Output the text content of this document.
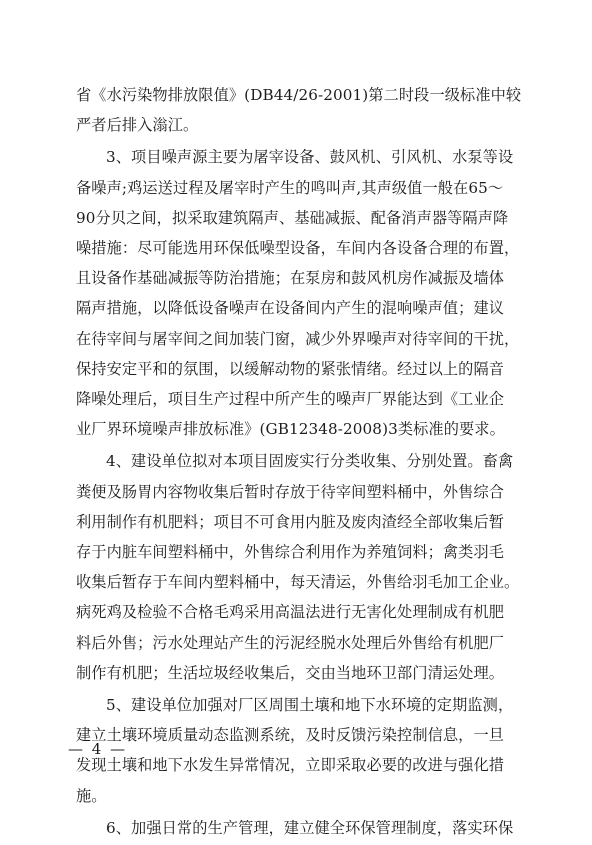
省《水污染物排放限值》(DB44/26-2001)第二时段一级标准中较
严者后排入滃江。

3、项目噪声源主要为屠宰设备、鼓风机、引风机、水泵等设
备噪声;鸡运送过程及屠宰时产生的鸣叫声,其声级值一般在65～
90分贝之间，拟采取建筑隔声、基础减振、配备消声器等隔声降
噪措施：尽可能选用环保低噪型设备，车间内各设备合理的布置，
且设备作基础减振等防治措施；在泵房和鼓风机房作减振及墙体
隔声措施，以降低设备噪声在设备间内产生的混响噪声值；建议
在待宰间与屠宰间之间加装门窗，减少外界噪声对待宰间的干扰，
保持安定平和的氛围，以缓解动物的紧张情绪。经过以上的隔音
降噪处理后，项目生产过程中所产生的噪声厂界能达到《工业企
业厂界环境噪声排放标准》(GB12348-2008)3类标准的要求。

4、建设单位拟对本项目固废实行分类收集、分别处置。畜禽
粪便及肠胃内容物收集后暂时存放于待宰间塑料桶中，外售综合
利用制作有机肥料；项目不可食用内脏及废肉渣经全部收集后暂
存于内脏车间塑料桶中，外售综合利用作为养殖饲料；禽类羽毛
收集后暂存于车间内塑料桶中，每天清运，外售给羽毛加工企业。
病死鸡及检验不合格毛鸡采用高温法进行无害化处理制成有机肥
料后外售；污水处理站产生的污泥经脱水处理后外售给有机肥厂
制作有机肥；生活垃圾经收集后，交由当地环卫部门清运处理。

5、建设单位加强对厂区周围土壤和地下水环境的定期监测，
建立土壤环境质量动态监测系统，及时反馈污染控制信息，一旦
发现土壤和地下水发生异常情况，立即采取必要的改进与强化措
施。

6、加强日常的生产管理，建立健全环保管理制度，落实环保

— 4 —
